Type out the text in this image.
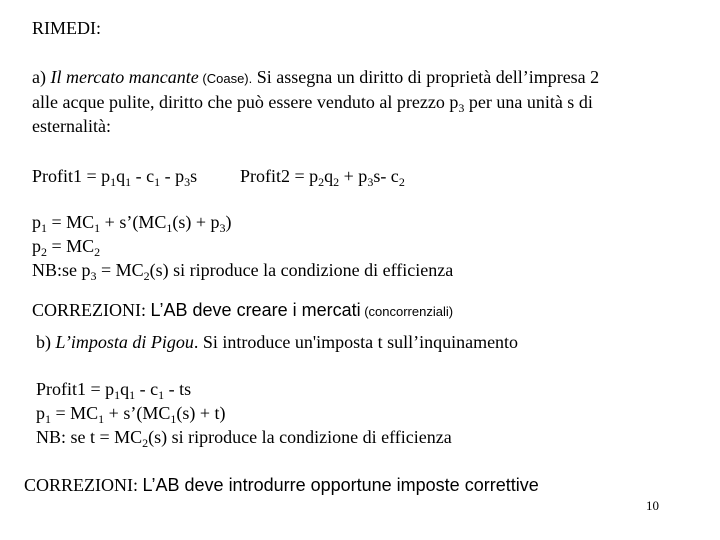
RIMEDI:
a) Il mercato mancante (Coase). Si assegna un diritto di proprietà dell’impresa 2
alle acque pulite, diritto che può essere venduto al prezzo $p_3$ per una unità s di
esternalità:
Profit1 = $p_1q_1 - c_1 - p_3s$ Profit2 = $p_2q_2 + p_3s-$ $c_2$
$p_1 = MC_1$ + $s’(MC_1(s) + p_3)$
$p_2 = MC_2$
NB:se $p_3 = MC_2(s)$ si riproduce la condizione di efficienza
CORREZIONI: L’AB deve creare i mercati (concorrenziali)
b) L’imposta di Pigou. Si introduce un'imposta t sull’inquinamento
Profit1 = $p_1q_1 - c_1$ - ts
$p_1 = MC_1$ + $s’(MC_1(s) + t)$
NB: se $t = MC_2(s)$ si riproduce la condizione di efficienza
CORREZIONI: L’AB deve introdurre opportune imposte correttive
10
